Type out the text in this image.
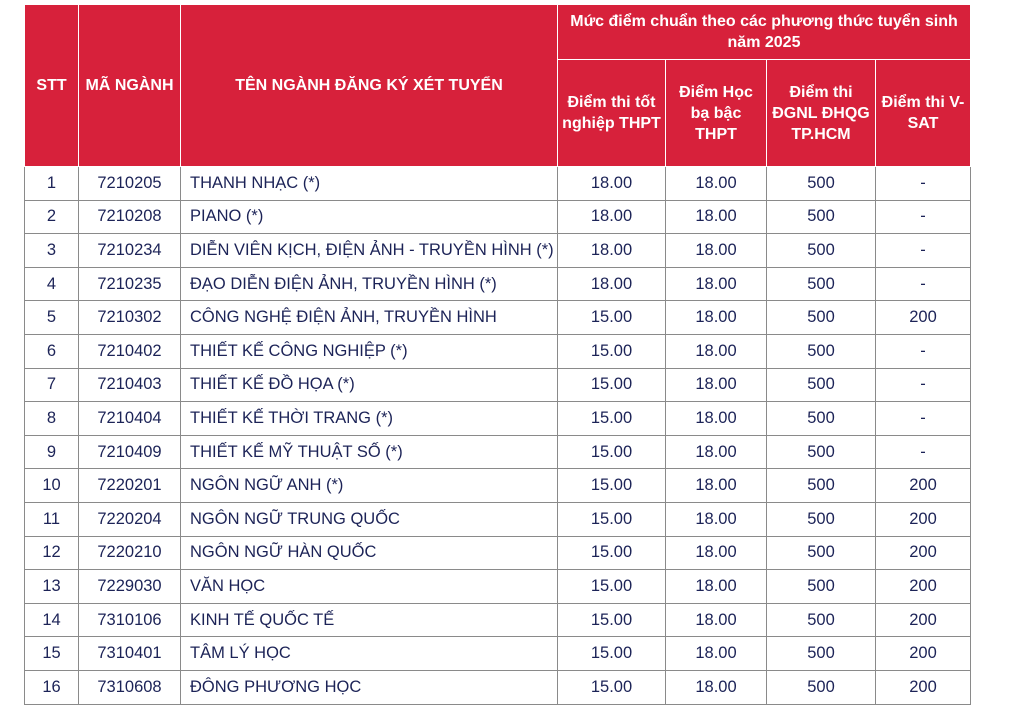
STT	MÃ NGÀNH	TÊN NGÀNH ĐĂNG KÝ XÉT TUYỂN	Mức điểm chuẩn theo các phương thức tuyển sinh năm 2025			
			Điểm thi tốt nghiệp THPT	Điểm Học bạ bậc THPT	Điểm thi ĐGNL ĐHQG TP.HCM	Điểm thi V-SAT
1	7210205	THANH NHẠC (*)	18.00	18.00	500	-
2	7210208	PIANO (*)	18.00	18.00	500	-
3	7210234	DIỄN VIÊN KỊCH, ĐIỆN ẢNH - TRUYỀN HÌNH (*)	18.00	18.00	500	-
4	7210235	ĐẠO DIỄN ĐIỆN ẢNH, TRUYỀN HÌNH (*)	18.00	18.00	500	-
5	7210302	CÔNG NGHỆ ĐIỆN ẢNH, TRUYỀN HÌNH	15.00	18.00	500	200
6	7210402	THIẾT KẾ CÔNG NGHIỆP (*)	15.00	18.00	500	-
7	7210403	THIẾT KẾ ĐỒ HỌA (*)	15.00	18.00	500	-
8	7210404	THIẾT KẾ THỜI TRANG (*)	15.00	18.00	500	-
9	7210409	THIẾT KẾ MỸ THUẬT SỐ (*)	15.00	18.00	500	-
10	7220201	NGÔN NGỮ ANH (*)	15.00	18.00	500	200
11	7220204	NGÔN NGỮ TRUNG QUỐC	15.00	18.00	500	200
12	7220210	NGÔN NGỮ HÀN QUỐC	15.00	18.00	500	200
13	7229030	VĂN HỌC	15.00	18.00	500	200
14	7310106	KINH TẾ QUỐC TẾ	15.00	18.00	500	200
15	7310401	TÂM LÝ HỌC	15.00	18.00	500	200
16	7310608	ĐÔNG PHƯƠNG HỌC	15.00	18.00	500	200
